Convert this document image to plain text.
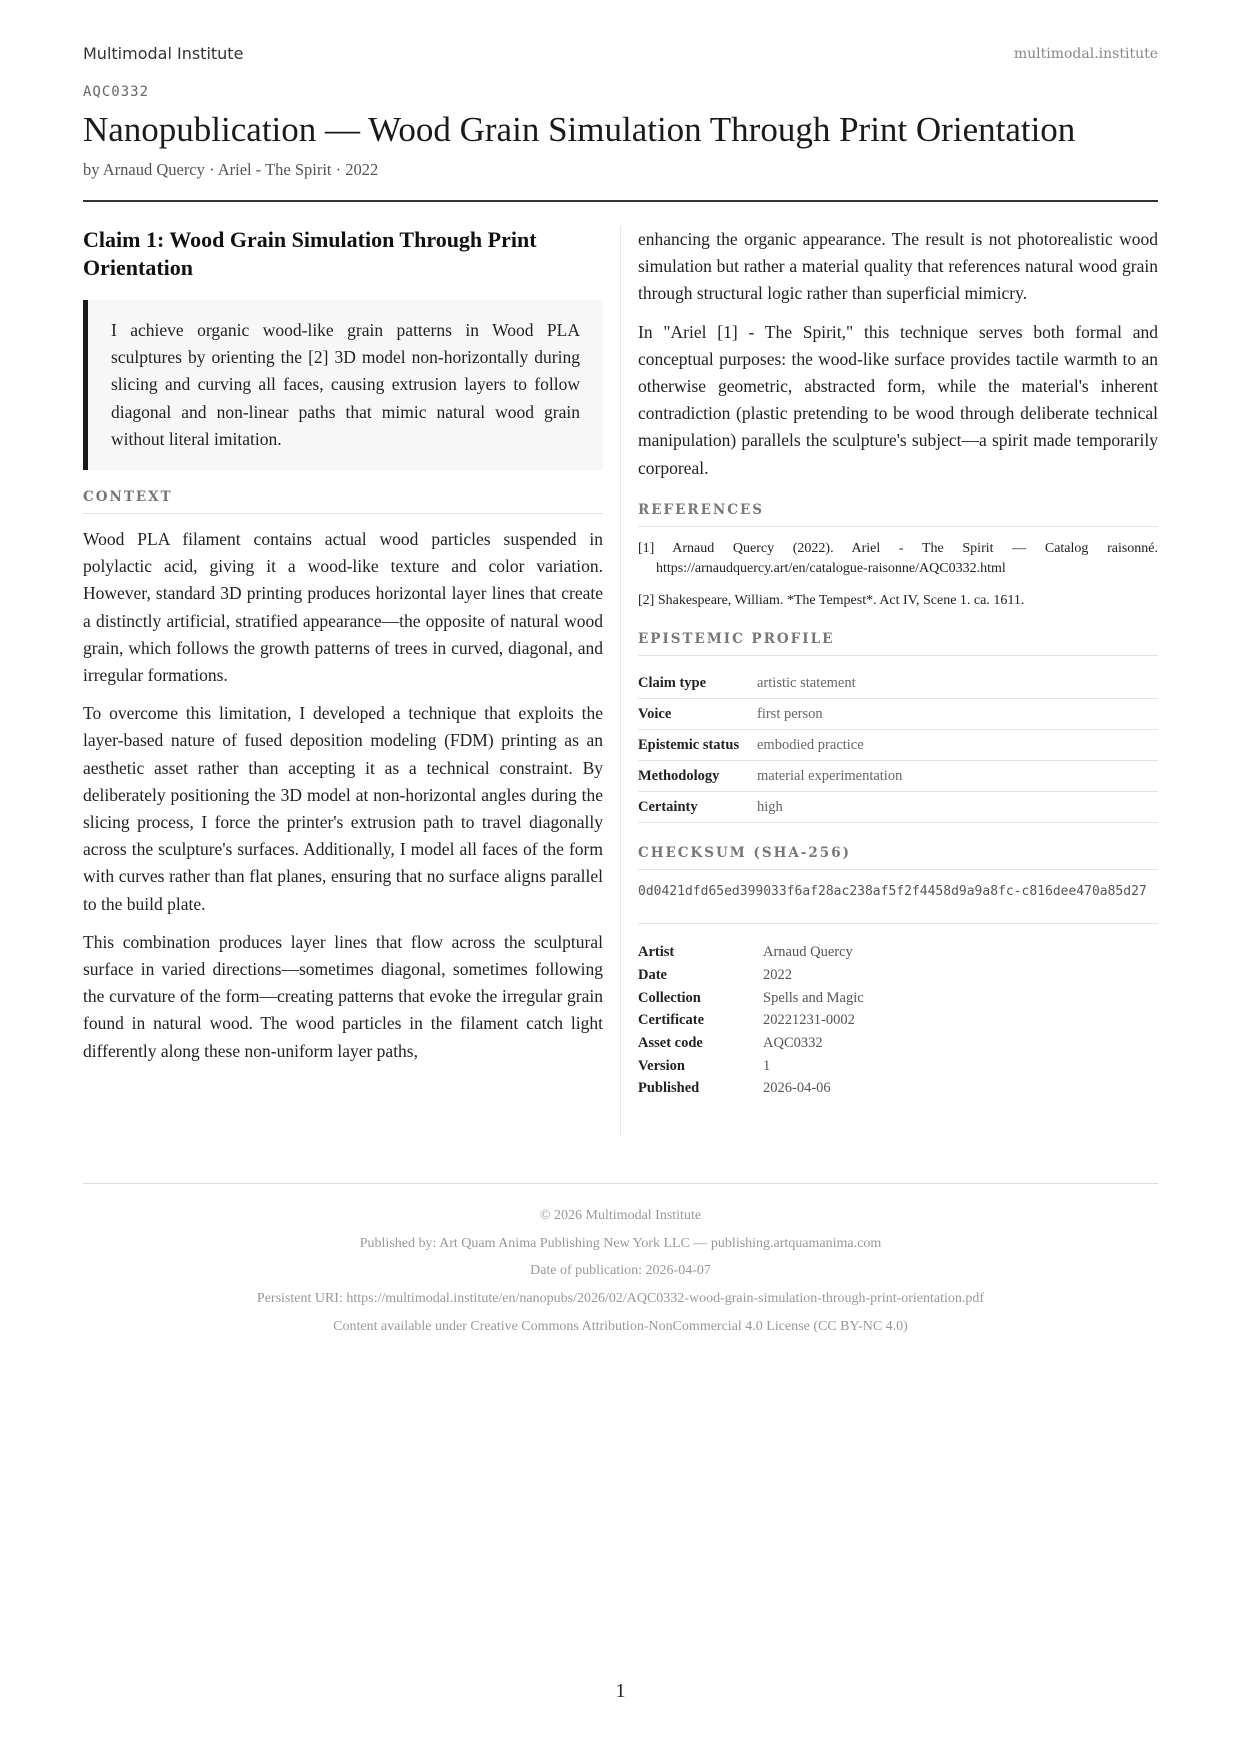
Multimodal Institute	multimodal.institute
AQC0332
Nanopublication — Wood Grain Simulation Through Print Orientation
by Arnaud Quercy · Ariel - The Spirit · 2022
Claim 1: Wood Grain Simulation Through Print Orientation

I achieve organic wood-like grain patterns in Wood PLA sculptures by orienting the [2] 3D model non-horizontally during slicing and curving all faces, causing extrusion layers to follow diagonal and non-linear paths that mimic natural wood grain without literal imitation.

CONTEXT

Wood PLA filament contains actual wood particles suspended in polylactic acid, giving it a wood-like texture and color variation. However, standard 3D printing produces horizontal layer lines that create a distinctly artificial, stratified appearance—the opposite of natural wood grain, which follows the growth patterns of trees in curved, diagonal, and irregular formations.

To overcome this limitation, I developed a technique that exploits the layer-based nature of fused deposition modeling (FDM) printing as an aesthetic asset rather than accepting it as a technical constraint. By deliberately positioning the 3D model at non-horizontal angles during the slicing process, I force the printer's extrusion path to travel diagonally across the sculpture's surfaces. Additionally, I model all faces of the form with curves rather than flat planes, ensuring that no surface aligns parallel to the build plate.

This combination produces layer lines that flow across the sculptural surface in varied directions—sometimes diagonal, sometimes following the curvature of the form—creating patterns that evoke the irregular grain found in natural wood. The wood particles in the filament catch light differently along these non-uniform layer paths,

enhancing the organic appearance. The result is not photorealistic wood simulation but rather a material quality that references natural wood grain through structural logic rather than superficial mimicry.

In "Ariel [1] - The Spirit," this technique serves both formal and conceptual purposes: the wood-like surface provides tactile warmth to an otherwise geometric, abstracted form, while the material's inherent contradiction (plastic pretending to be wood through deliberate technical manipulation) parallels the sculpture's subject—a spirit made temporarily corporeal.

REFERENCES
[1] Arnaud Quercy (2022). Ariel - The Spirit — Catalog raisonné. https://arnaudquercy.art/en/catalogue-raisonne/AQC0332.html
[2] Shakespeare, William. *The Tempest*. Act IV, Scene 1. ca. 1611.
EPISTEMIC PROFILE
Claim type	artistic statement
Voice	first person
Epistemic status	embodied practice
Methodology	material experimentation
Certainty	high
CHECKSUM (SHA-256)
0d0421dfd65ed399033f6af28ac238af5f2f4458d9a9a8fc-c816dee470a85d27
Artist	Arnaud Quercy
Date	2022
Collection	Spells and Magic
Certificate	20221231-0002
Asset code	AQC0332
Version	1
Published	2026-04-06
© 2026 Multimodal Institute
Published by: Art Quam Anima Publishing New York LLC — publishing.artquamanima.com
Date of publication: 2026-04-07
Persistent URI: https://multimodal.institute/en/nanopubs/2026/02/AQC0332-wood-grain-simulation-through-print-orientation.pdf
Content available under Creative Commons Attribution-NonCommercial 4.0 License (CC BY-NC 4.0)
1
